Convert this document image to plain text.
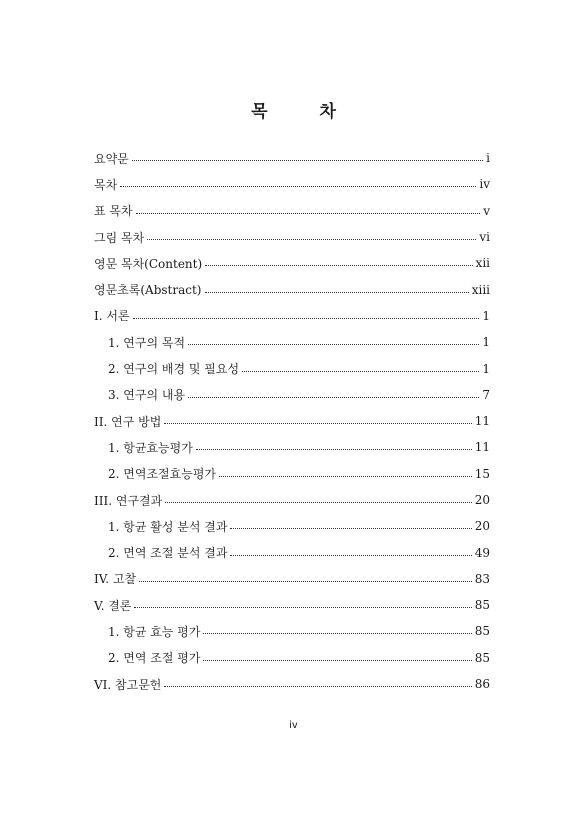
목	차
요약문	i
목차	iv
표 목차	v
그림 목차	vi
영문 목차(Content)	xii
영문초록(Abstract)	xiii
I. 서론	1
1. 연구의 목적	1
2. 연구의 배경 및 필요성	1
3. 연구의 내용	7
II. 연구 방법	11
1. 항균효능평가	11
2. 면역조절효능평가	15
III. 연구결과	20
1. 항균 활성 분석 결과	20
2. 면역 조절 분석 결과	49
IV. 고찰	83
V. 결론	85
1. 항균 효능 평가	85
2. 면역 조절 평가	85
VI. 참고문헌	86
iv
